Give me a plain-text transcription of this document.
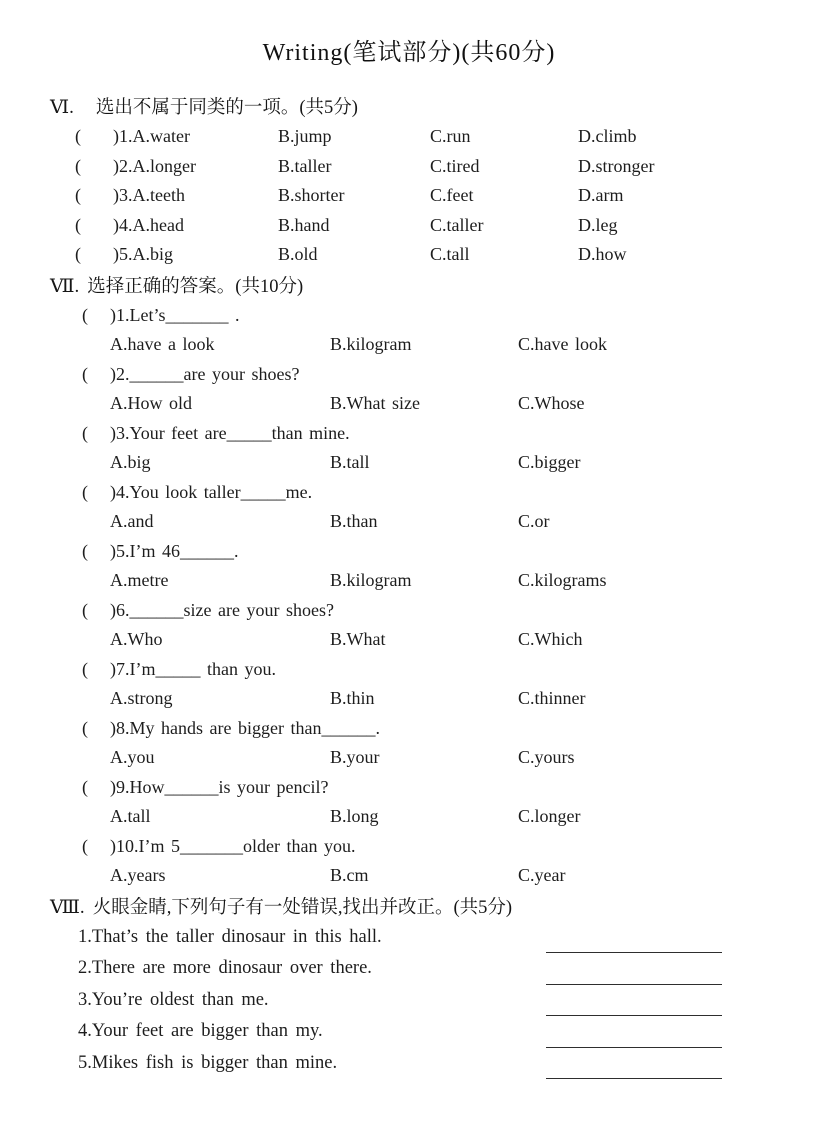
Writing(笔试部分)(共60分)
Ⅵ. 选出不属于同类的一项。(共5分)
(	)1.A.water	B.jump	C.run	D.climb
(	)2.A.longer	B.taller	C.tired	D.stronger
(	)3.A.teeth	B.shorter	C.feet	D.arm
(	)4.A.head	B.hand	C.taller	D.leg
(	)5.A.big	B.old	C.tall	D.how
Ⅶ. 选择正确的答案。(共10分)
(	)1.Let’s_______ .
A.have a look	B.kilogram	C.have look
(	)2.______are your shoes?
A.How old	B.What size	C.Whose
(	)3.Your feet are_____than mine.
A.big	B.tall	C.bigger
(	)4.You look taller_____me.
A.and	B.than	C.or
(	)5.I’m 46______.
A.metre	B.kilogram	C.kilograms
(	)6.______size are your shoes?
A.Who	B.What	C.Which
(	)7.I’m_____ than you.
A.strong	B.thin	C.thinner
(	)8.My hands are bigger than______.
A.you	B.your	C.yours
(	)9.How______is your pencil?
A.tall	B.long	C.longer
(	)10.I’m 5_______older than you.
A.years	B.cm	C.year
Ⅷ. 火眼金睛,下列句子有一处错误,找出并改正。(共5分)
1.That’s the taller dinosaur in this hall.
2.There are more dinosaur over there.
3.You’re oldest than me.
4.Your feet are bigger than my.
5.Mikes fish is bigger than mine.
